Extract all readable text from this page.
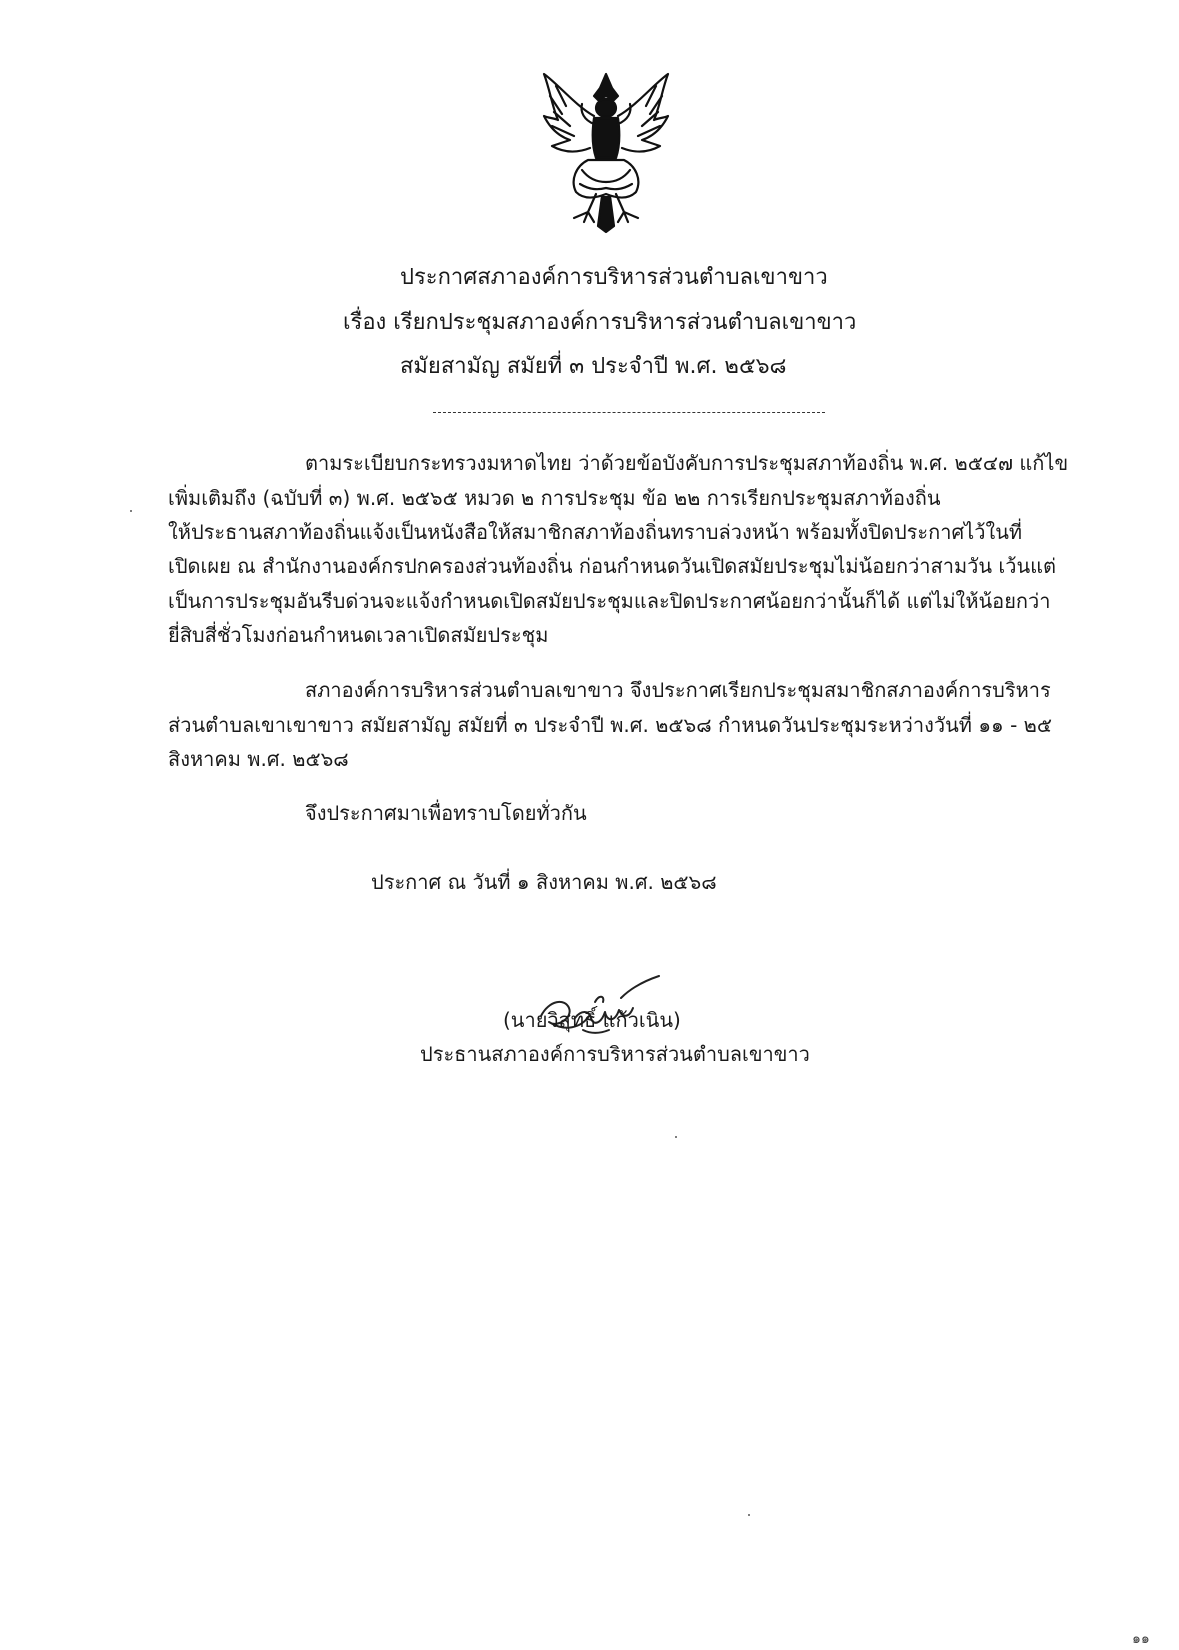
ประกาศสภาองค์การบริหารส่วนตำบลเขาขาว
เรื่อง เรียกประชุมสภาองค์การบริหารส่วนตำบลเขาขาว
สมัยสามัญ สมัยที่ ๓ ประจำปี พ.ศ. ๒๕๖๘
---------------------------------------------------------
ตามระเบียบกระทรวงมหาดไทย ว่าด้วยข้อบังคับการประชุมสภาท้องถิ่น พ.ศ. ๒๕๔๗ แก้ไข
เพิ่มเติมถึง (ฉบับที่ ๓) พ.ศ. ๒๕๖๕ หมวด ๒ การประชุม ข้อ ๒๒ การเรียกประชุมสภาท้องถิ่น
ให้ประธานสภาท้องถิ่นแจ้งเป็นหนังสือให้สมาชิกสภาท้องถิ่นทราบล่วงหน้า พร้อมทั้งปิดประกาศไว้ในที่
เปิดเผย ณ สำนักงานองค์กรปกครองส่วนท้องถิ่น ก่อนกำหนดวันเปิดสมัยประชุมไม่น้อยกว่าสามวัน เว้นแต่
เป็นการประชุมอันรีบด่วนจะแจ้งกำหนดเปิดสมัยประชุมและปิดประกาศน้อยกว่านั้นก็ได้ แต่ไม่ให้น้อยกว่า
ยี่สิบสี่ชั่วโมงก่อนกำหนดเวลาเปิดสมัยประชุม
สภาองค์การบริหารส่วนตำบลเขาขาว จึงประกาศเรียกประชุมสมาชิกสภาองค์การบริหาร
ส่วนตำบลเขาเขาขาว สมัยสามัญ สมัยที่ ๓ ประจำปี พ.ศ. ๒๕๖๘ กำหนดวันประชุมระหว่างวันที่ ๑๑ - ๒๕
สิงหาคม พ.ศ. ๒๕๖๘
จึงประกาศมาเพื่อทราบโดยทั่วกัน
ประกาศ ณ วันที่ ๑ สิงหาคม พ.ศ. ๒๕๖๘
(นายวิสุทธิ์ แก้วเนิน)
ประธานสภาองค์การบริหารส่วนตำบลเขาขาว
๑๑
